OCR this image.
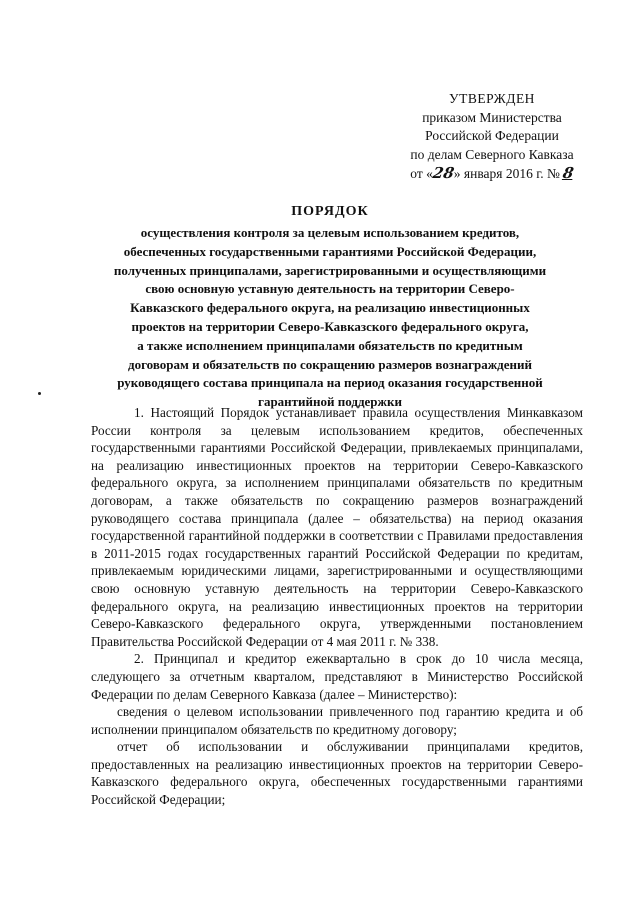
УТВЕРЖДЕН
приказом Министерства
Российской Федерации
по делам Северного Кавказа
от «28» января 2016 г. № 8
ПОРЯДОК
осуществления контроля за целевым использованием кредитов,
обеспеченных государственными гарантиями Российской Федерации,
полученных принципалами, зарегистрированными и осуществляющими
свою основную уставную деятельность на территории Северо-
Кавказского федерального округа, на реализацию инвестиционных
проектов на территории Северо-Кавказского федерального округа,
а также исполнением принципалами обязательств по кредитным
договорам и обязательств по сокращению размеров вознаграждений
руководящего состава принципала на период оказания государственной
гарантийной поддержки

1. Настоящий Порядок устанавливает правила осуществления Минкавказом России контроля за целевым использованием кредитов, обеспеченных государственными гарантиями Российской Федерации, привлекаемых принципалами, на реализацию инвестиционных проектов на территории Северо-Кавказского федерального округа, за исполнением принципалами обязательств по кредитным договорам, а также обязательств по сокращению размеров вознаграждений руководящего состава принципала (далее – обязательства) на период оказания государственной гарантийной поддержки в соответствии с Правилами предоставления в 2011-2015 годах государственных гарантий Российской Федерации по кредитам, привлекаемым юридическими лицами, зарегистрированными и осуществляющими свою основную уставную деятельность на территории Северо-Кавказского федерального округа, на реализацию инвестиционных проектов на территории Северо-Кавказского федерального округа, утвержденными постановлением Правительства Российской Федерации от 4 мая 2011 г. № 338.

2. Принципал и кредитор ежеквартально в срок до 10 числа месяца, следующего за отчетным кварталом, представляют в Министерство Российской Федерации по делам Северного Кавказа (далее – Министерство):

сведения о целевом использовании привлеченного под гарантию кредита и об исполнении принципалом обязательств по кредитному договору;

отчет об использовании и обслуживании принципалами кредитов, предоставленных на реализацию инвестиционных проектов на территории Северо-Кавказского федерального округа, обеспеченных государственными гарантиями Российской Федерации;
